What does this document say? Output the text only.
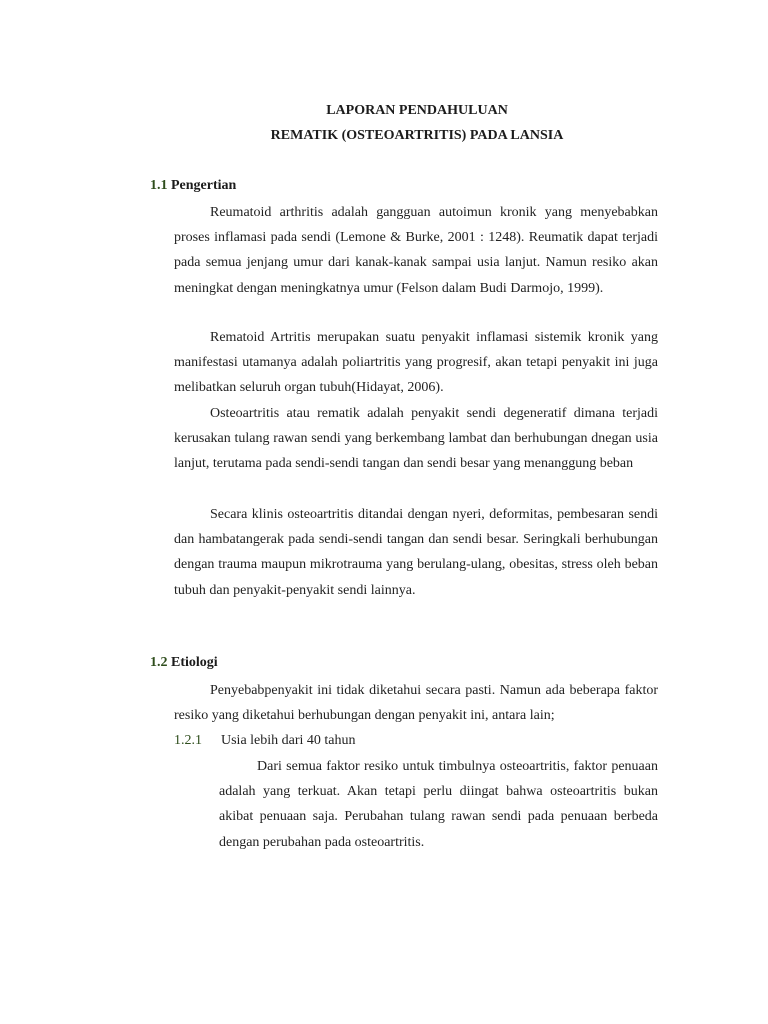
LAPORAN PENDAHULUAN
REMATIK (OSTEOARTRITIS) PADA LANSIA
1.1 Pengertian

Reumatoid arthritis adalah gangguan autoimun kronik yang menyebabkan proses inflamasi pada sendi (Lemone & Burke, 2001 : 1248). Reumatik dapat terjadi pada semua jenjang umur dari kanak-kanak sampai usia lanjut. Namun resiko akan meningkat dengan meningkatnya umur (Felson dalam Budi Darmojo, 1999).

Rematoid Artritis merupakan suatu penyakit inflamasi sistemik kronik yang manifestasi utamanya adalah poliartritis yang progresif, akan tetapi penyakit ini juga melibatkan seluruh organ tubuh(Hidayat, 2006).

Osteoartritis atau rematik adalah penyakit sendi degeneratif dimana terjadi kerusakan tulang rawan sendi yang berkembang lambat dan berhubungan dnegan usia lanjut, terutama pada sendi-sendi tangan dan sendi besar yang menanggung beban

Secara klinis osteoartritis ditandai dengan nyeri, deformitas, pembesaran sendi dan hambatangerak pada sendi-sendi tangan dan sendi besar. Seringkali berhubungan dengan trauma maupun mikrotrauma yang berulang-ulang, obesitas, stress oleh beban tubuh dan penyakit-penyakit sendi lainnya.

1.2 Etiologi

Penyebabpenyakit ini tidak diketahui secara pasti. Namun ada beberapa faktor resiko yang diketahui berhubungan dengan penyakit ini, antara lain;

1.2.1 Usia lebih dari 40 tahun

Dari semua faktor resiko untuk timbulnya osteoartritis, faktor penuaan adalah yang terkuat. Akan tetapi perlu diingat bahwa osteoartritis bukan akibat penuaan saja. Perubahan tulang rawan sendi pada penuaan berbeda dengan perubahan pada osteoartritis.
